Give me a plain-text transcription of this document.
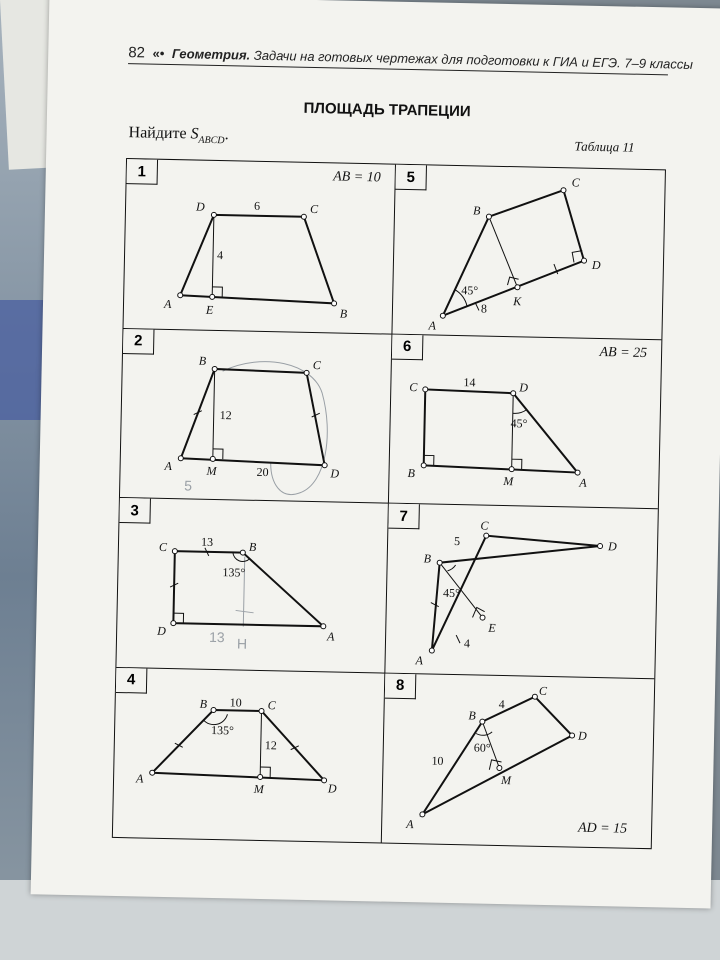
82 «• Геометрия. Задачи на готовых чертежах для подготовки к ГИА и ЕГЭ. 7–9 классы
ПЛОЩАДЬ ТРАПЕЦИИ
Найдите $S_{ABCD}$.
Таблица 11
1	AB = 10
A
B
C
D
E
6
4
5
A
B
C
D
K
45°
8
2
5
A
B	C
D
M
12
20
6	AB = 25
A
B
C	D
M
14
45°
3
13 H	A
B
C
D
13
135°
7
A
B
C
D
E
5
45°
4
4
A
B	C
D
M
10
135°
12
8
AD = 15
A
B
C
D
M
4
60°
10
